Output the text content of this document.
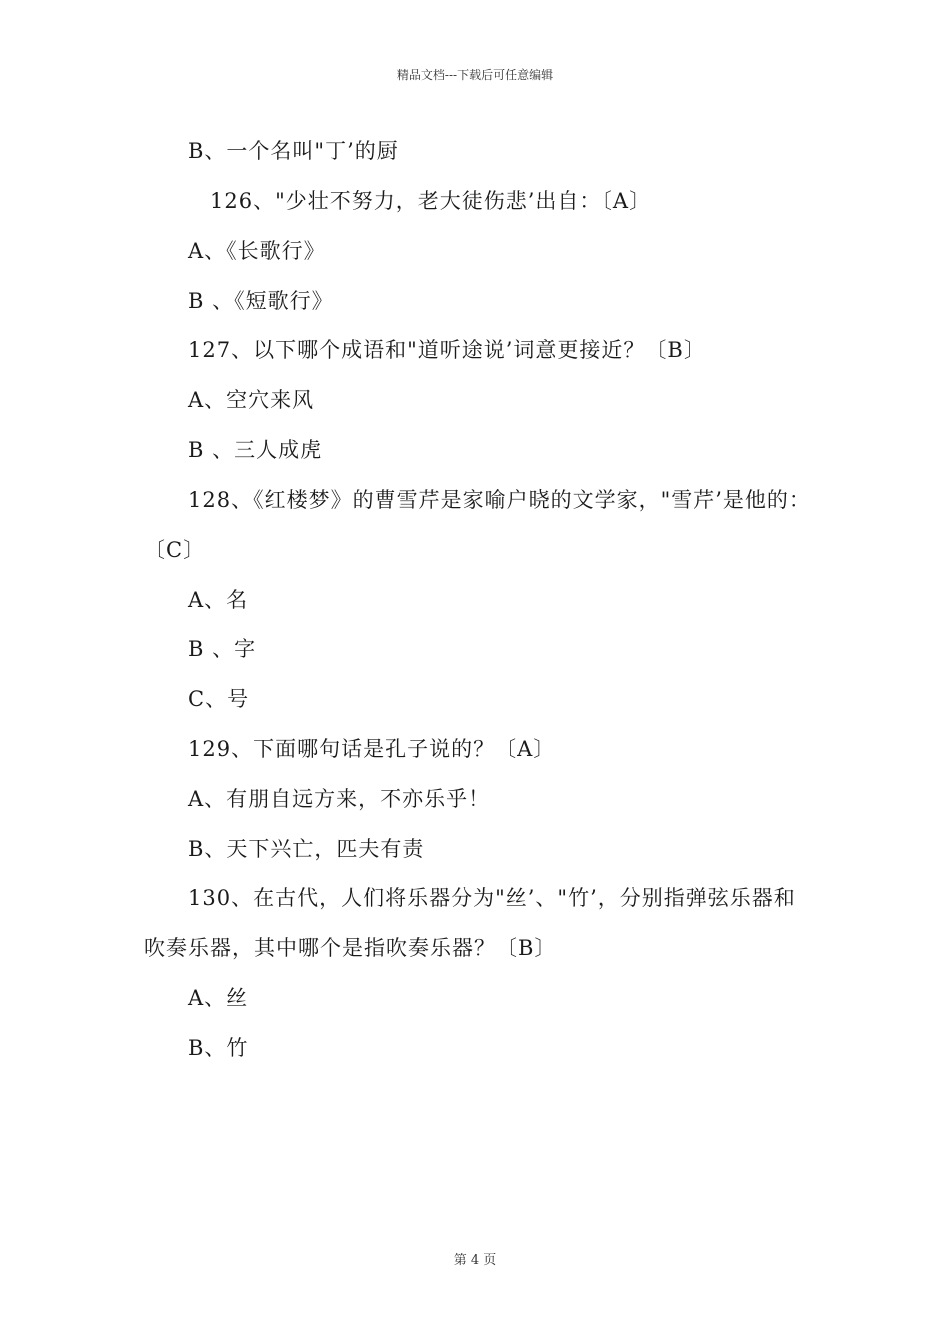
精品文档---下载后可任意编辑
B、一个名叫"丁’的厨
126、"少壮不努力，老大徒伤悲’出自：〔A〕
A、《长歌行》
B 、《短歌行》
127、以下哪个成语和"道听途说’词意更接近？〔B〕
A、空穴来风
B 、三人成虎
128、《红楼梦》的曹雪芹是家喻户晓的文学家，"雪芹’是他的：
〔C〕
A、名
B 、字
C、号
129、下面哪句话是孔子说的？〔A〕
A、有朋自远方来，不亦乐乎！
B、天下兴亡，匹夫有责
130、在古代，人们将乐器分为"丝’、"竹’，分别指弹弦乐器和
吹奏乐器，其中哪个是指吹奏乐器？〔B〕
A、丝
B、竹
第 4 页
